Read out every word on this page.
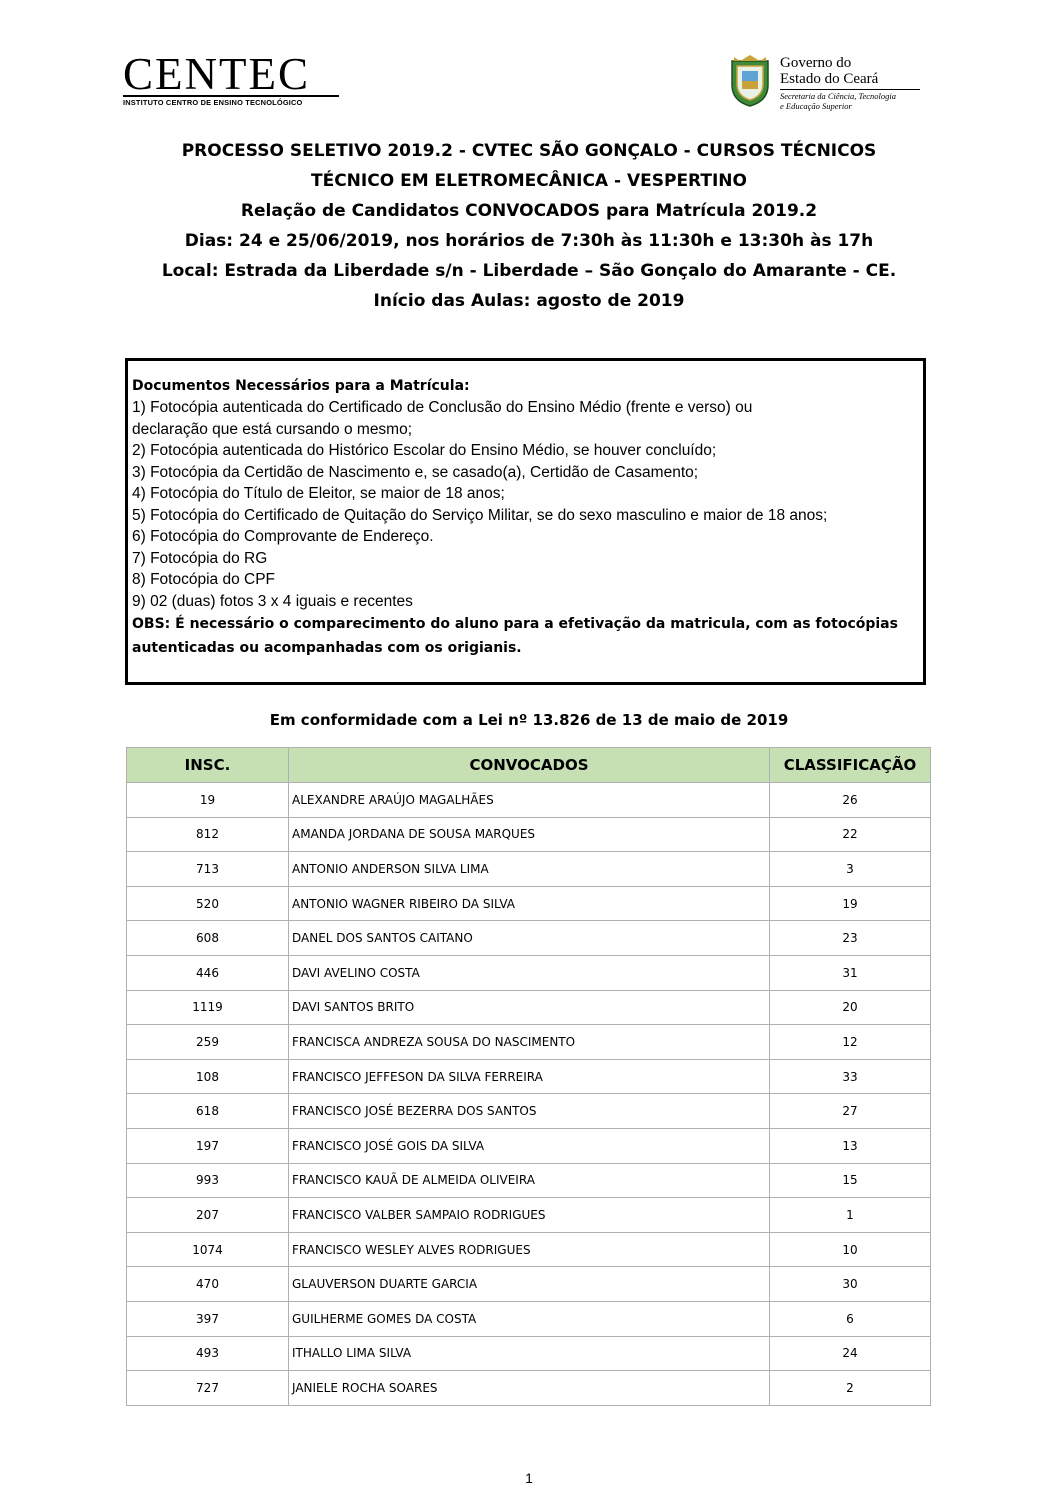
CENTEC
INSTITUTO CENTRO DE ENSINO TECNOLÓGICO
Governo do
Estado do Ceará
Secretaria da Ciência, Tecnologia
e Educação Superior
PROCESSO SELETIVO 2019.2 - CVTEC SÃO GONÇALO - CURSOS TÉCNICOS
TÉCNICO EM ELETROMECÂNICA - VESPERTINO
Relação de Candidatos CONVOCADOS para Matrícula 2019.2
Dias: 24 e 25/06/2019, nos horários de 7:30h às 11:30h e 13:30h às 17h
Local: Estrada da Liberdade s/n - Liberdade – São Gonçalo do Amarante - CE.
Início das Aulas: agosto de 2019
Documentos Necessários para a Matrícula:
1) Fotocópia autenticada do Certificado de Conclusão do Ensino Médio (frente e verso) ou
declaração que está cursando o mesmo;
2) Fotocópia autenticada do Histórico Escolar do Ensino Médio, se houver concluído;
3) Fotocópia da Certidão de Nascimento e, se casado(a), Certidão de Casamento;
4) Fotocópia do Título de Eleitor, se maior de 18 anos;
5) Fotocópia do Certificado de Quitação do Serviço Militar, se do sexo masculino e maior de 18 anos;
6) Fotocópia do Comprovante de Endereço.
7) Fotocópia do RG
8) Fotocópia do CPF
9) 02 (duas) fotos 3 x 4 iguais e recentes
OBS: É necessário o comparecimento do aluno para a efetivação da matricula, com as fotocópias
autenticadas ou acompanhadas com os origianis.
Em conformidade com a Lei nº 13.826 de 13 de maio de 2019
INSC.	CONVOCADOS	CLASSIFICAÇÃO
19	ALEXANDRE ARAÚJO MAGALHÃES	26
812	AMANDA JORDANA DE SOUSA MARQUES	22
713	ANTONIO ANDERSON SILVA LIMA	3
520	ANTONIO WAGNER RIBEIRO DA SILVA	19
608	DANEL DOS SANTOS CAITANO	23
446	DAVI AVELINO COSTA	31
1119	DAVI SANTOS BRITO	20
259	FRANCISCA ANDREZA SOUSA DO NASCIMENTO	12
108	FRANCISCO JEFFESON DA SILVA FERREIRA	33
618	FRANCISCO JOSÉ BEZERRA DOS SANTOS	27
197	FRANCISCO JOSÉ GOIS DA SILVA	13
993	FRANCISCO KAUÃ DE ALMEIDA OLIVEIRA	15
207	FRANCISCO VALBER SAMPAIO RODRIGUES	1
1074	FRANCISCO WESLEY ALVES RODRIGUES	10
470	GLAUVERSON DUARTE GARCIA	30
397	GUILHERME GOMES DA COSTA	6
493	ITHALLO LIMA SILVA	24
727	JANIELE ROCHA SOARES	2
1
